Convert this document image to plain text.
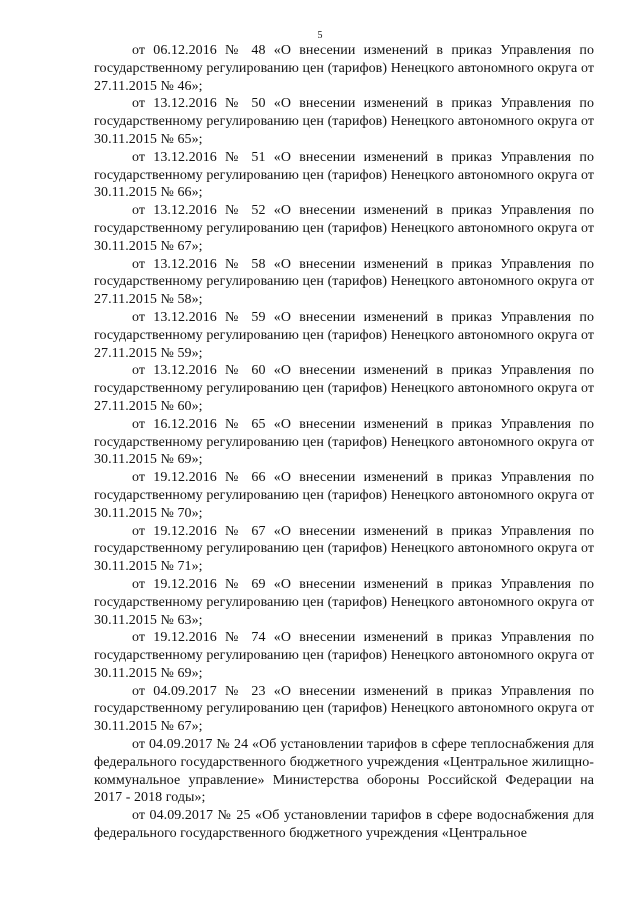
5

от 06.12.2016 № 48 «О внесении изменений в приказ Управления по государственному регулированию цен (тарифов) Ненецкого автономного округа от 27.11.2015 № 46»;

от 13.12.2016 № 50 «О внесении изменений в приказ Управления по государственному регулированию цен (тарифов) Ненецкого автономного округа от 30.11.2015 № 65»;

от 13.12.2016 № 51 «О внесении изменений в приказ Управления по государственному регулированию цен (тарифов) Ненецкого автономного округа от 30.11.2015 № 66»;

от 13.12.2016 № 52 «О внесении изменений в приказ Управления по государственному регулированию цен (тарифов) Ненецкого автономного округа от 30.11.2015 № 67»;

от 13.12.2016 № 58 «О внесении изменений в приказ Управления по государственному регулированию цен (тарифов) Ненецкого автономного округа от 27.11.2015 № 58»;

от 13.12.2016 № 59 «О внесении изменений в приказ Управления по государственному регулированию цен (тарифов) Ненецкого автономного округа от 27.11.2015 № 59»;

от 13.12.2016 № 60 «О внесении изменений в приказ Управления по государственному регулированию цен (тарифов) Ненецкого автономного округа от 27.11.2015 № 60»;

от 16.12.2016 № 65 «О внесении изменений в приказ Управления по государственному регулированию цен (тарифов) Ненецкого автономного округа от 30.11.2015 № 69»;

от 19.12.2016 № 66 «О внесении изменений в приказ Управления по государственному регулированию цен (тарифов) Ненецкого автономного округа от 30.11.2015 № 70»;

от 19.12.2016 № 67 «О внесении изменений в приказ Управления по государственному регулированию цен (тарифов) Ненецкого автономного округа от 30.11.2015 № 71»;

от 19.12.2016 № 69 «О внесении изменений в приказ Управления по государственному регулированию цен (тарифов) Ненецкого автономного округа от 30.11.2015 № 63»;

от 19.12.2016 № 74 «О внесении изменений в приказ Управления по государственному регулированию цен (тарифов) Ненецкого автономного округа от 30.11.2015 № 69»;

от 04.09.2017 № 23 «О внесении изменений в приказ Управления по государственному регулированию цен (тарифов) Ненецкого автономного округа от 30.11.2015 № 67»;

от 04.09.2017 № 24 «Об установлении тарифов в сфере теплоснабжения для федерального государственного бюджетного учреждения «Центральное жилищно-коммунальное управление» Министерства обороны Российской Федерации на 2017 - 2018 годы»;

от 04.09.2017 № 25 «Об установлении тарифов в сфере водоснабжения для федерального государственного бюджетного учреждения «Центральное
